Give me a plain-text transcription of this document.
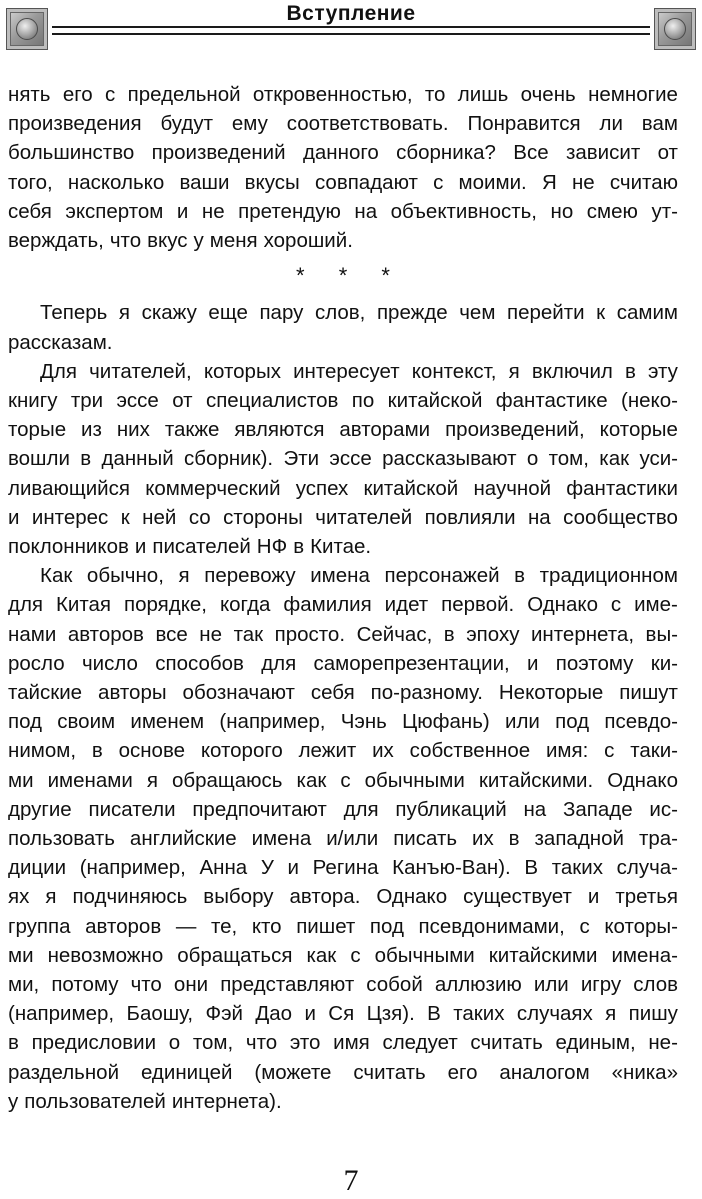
Вступление
нять его с предельной откровенностью, то лишь очень немногие
произведения будут ему соответствовать. Понравится ли вам
большинство произведений данного сборника? Все зависит от
того, насколько ваши вкусы совпадают с моими. Я не считаю
себя экспертом и не претендую на объективность, но смею ут-
верждать, что вкус у меня хороший.
* * *
Теперь я скажу еще пару слов, прежде чем перейти к самим
рассказам.
Для читателей, которых интересует контекст, я включил в эту
книгу три эссе от специалистов по китайской фантастике (неко-
торые из них также являются авторами произведений, которые
вошли в данный сборник). Эти эссе рассказывают о том, как уси-
ливающийся коммерческий успех китайской научной фантастики
и интерес к ней со стороны читателей повлияли на сообщество
поклонников и писателей НФ в Китае.
Как обычно, я перевожу имена персонажей в традиционном
для Китая порядке, когда фамилия идет первой. Однако с име-
нами авторов все не так просто. Сейчас, в эпоху интернета, вы-
росло число способов для саморепрезентации, и поэтому ки-
тайские авторы обозначают себя по-разному. Некоторые пишут
под своим именем (например, Чэнь Цюфань) или под псевдо-
нимом, в основе которого лежит их собственное имя: с таки-
ми именами я обращаюсь как с обычными китайскими. Однако
другие писатели предпочитают для публикаций на Западе ис-
пользовать английские имена и/или писать их в западной тра-
диции (например, Анна У и Регина Канъю-Ван). В таких случа-
ях я подчиняюсь выбору автора. Однако существует и третья
группа авторов — те, кто пишет под псевдонимами, с которы-
ми невозможно обращаться как с обычными китайскими имена-
ми, потому что они представляют собой аллюзию или игру слов
(например, Баошу, Фэй Дао и Ся Цзя). В таких случаях я пишу
в предисловии о том, что это имя следует считать единым, не-
раздельной единицей (можете считать его аналогом «ника»
у пользователей интернета).
7
